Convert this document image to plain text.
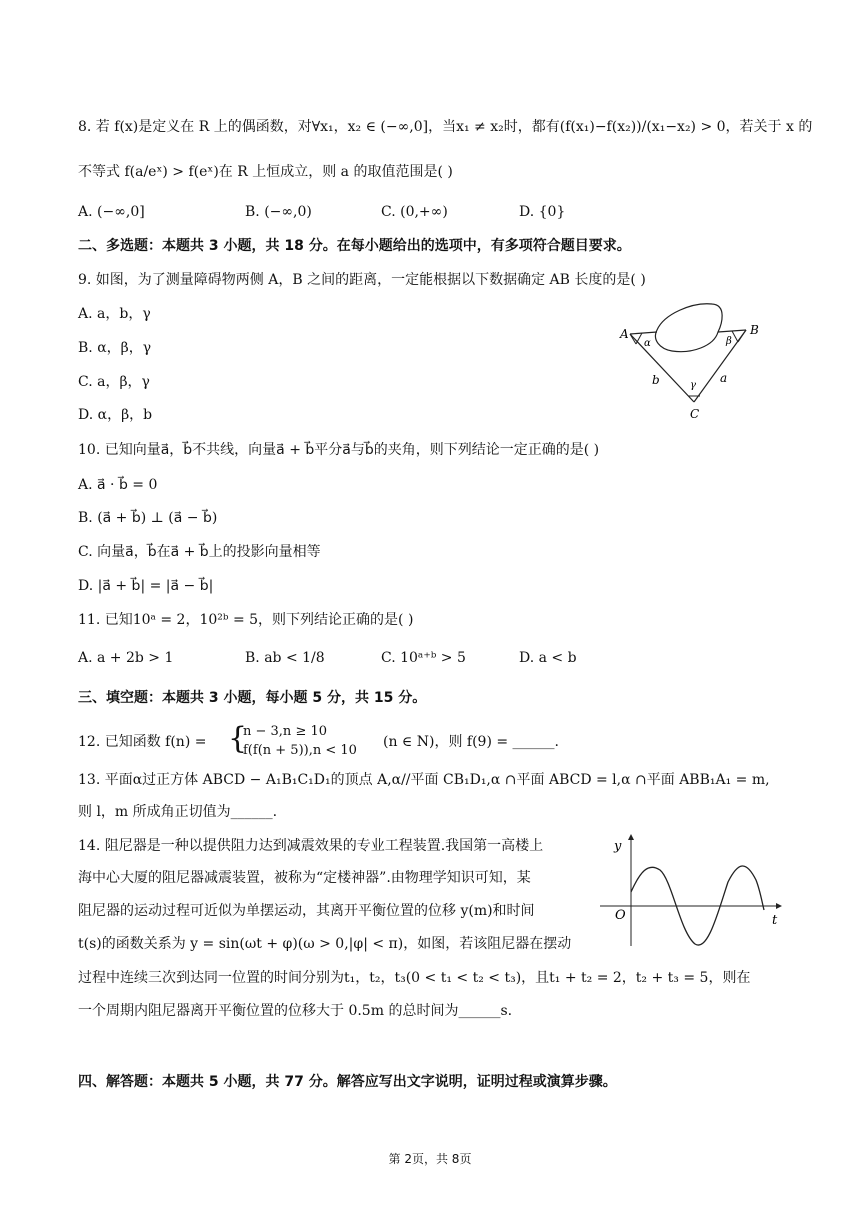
8. 若 f(x)是定义在 R 上的偶函数，对∀x₁，x₂ ∈ (−∞,0]，当x₁ ≠ x₂时，都有(f(x₁)−f(x₂))/(x₁−x₂) > 0，若关于 x 的
不等式 f(a/eˣ) > f(eˣ)在 R 上恒成立，则 a 的取值范围是( )
A. (−∞,0]	B. (−∞,0)	C. (0,+∞)	D. {0}
二、多选题：本题共 3 小题，共 18 分。在每小题给出的选项中，有多项符合题目要求。
9. 如图，为了测量障碍物两侧 A，B 之间的距离，一定能根据以下数据确定 AB 长度的是( )
A. a，b，γ
B. α，β，γ
C. a，β，γ
D. α，β，b
A	B
C
b	a
α	β
γ
10. 已知向量a⃗，b⃗不共线，向量a⃗ + b⃗平分a⃗与b⃗的夹角，则下列结论一定正确的是( )
A. a⃗ · b⃗ = 0
B. (a⃗ + b⃗) ⊥ (a⃗ − b⃗)
C. 向量a⃗，b⃗在a⃗ + b⃗上的投影向量相等
D. |a⃗ + b⃗| = |a⃗ − b⃗|
11. 已知10ᵃ = 2，10²ᵇ = 5，则下列结论正确的是( )
A. a + 2b > 1	B. ab < 1/8	C. 10ᵃ⁺ᵇ > 5	D. a < b
三、填空题：本题共 3 小题，每小题 5 分，共 15 分。
12. 已知函数 f(n) = {
n − 3,n ≥ 10
f(f(n + 5)),n < 10
(n ∈ N)，则 f(9) = ______.
13. 平面α过正方体 ABCD − A₁B₁C₁D₁的顶点 A,α//平面 CB₁D₁,α ∩平面 ABCD = l,α ∩平面 ABB₁A₁ = m,
则 l，m 所成角正切值为______.
14. 阻尼器是一种以提供阻力达到减震效果的专业工程装置.我国第一高楼上
海中心大厦的阻尼器减震装置，被称为“定楼神器”.由物理学知识可知，某
阻尼器的运动过程可近似为单摆运动，其离开平衡位置的位移 y(m)和时间
t(s)的函数关系为 y = sin(ωt + φ)(ω > 0,|φ| < π)，如图，若该阻尼器在摆动
过程中连续三次到达同一位置的时间分别为t₁，t₂，t₃(0 < t₁ < t₂ < t₃)，且t₁ + t₂ = 2，t₂ + t₃ = 5，则在
一个周期内阻尼器离开平衡位置的位移大于 0.5m 的总时间为______s.
y
O	t
四、解答题：本题共 5 小题，共 77 分。解答应写出文字说明，证明过程或演算步骤。
第 2页，共 8页
